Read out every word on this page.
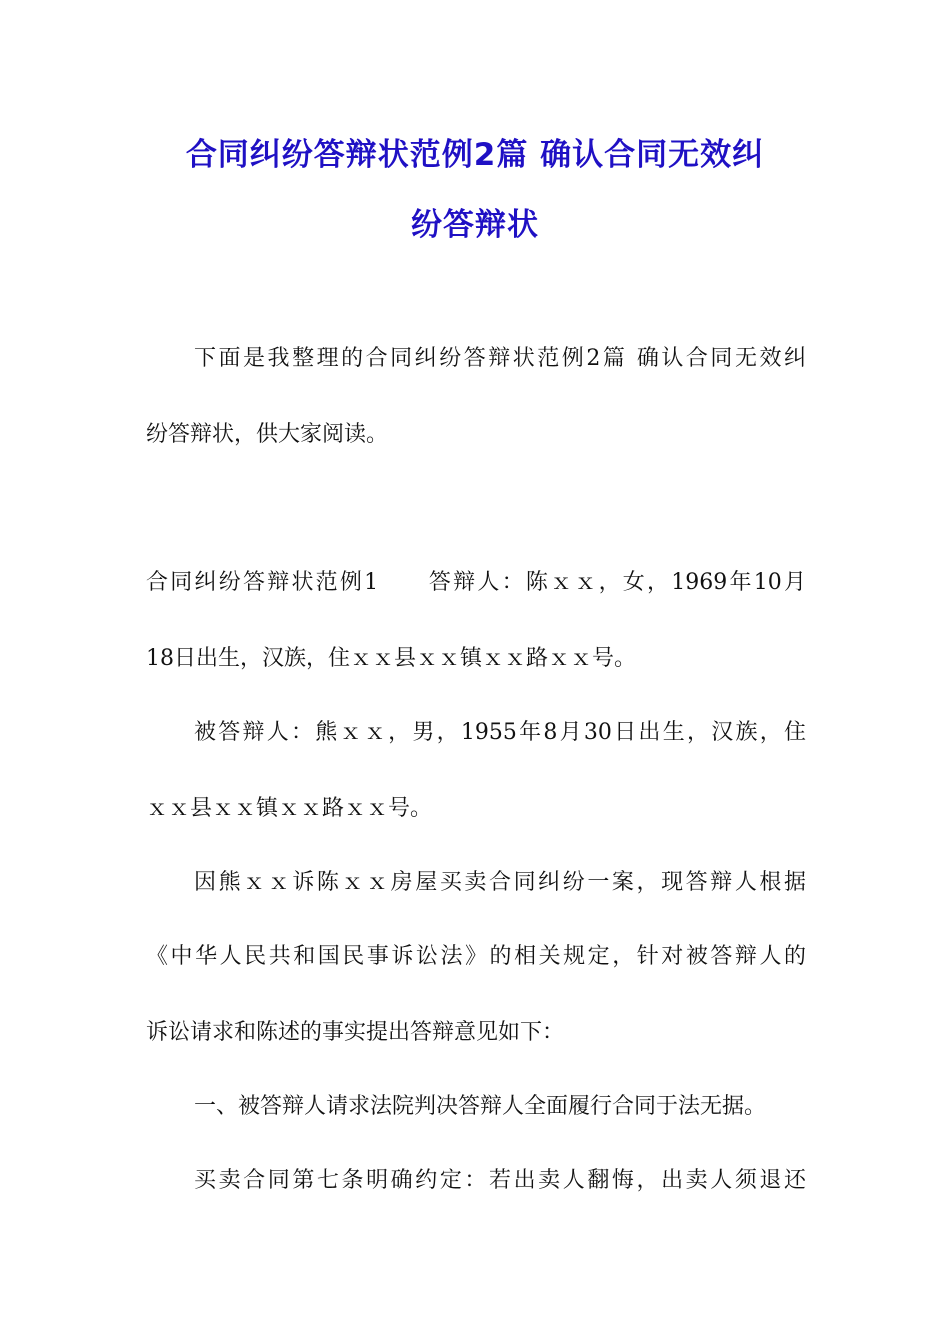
合同纠纷答辩状范例2篇 确认合同无效纠
纷答辩状
下面是我整理的合同纠纷答辩状范例2篇 确认合同无效纠
纷答辩状，供大家阅读。
合同纠纷答辩状范例1　　答辩人：陈ｘｘ，女，1969年10月
18日出生，汉族，住ｘｘ县ｘｘ镇ｘｘ路ｘｘ号。
被答辩人：熊ｘｘ，男，1955年8月30日出生，汉族，住
ｘｘ县ｘｘ镇ｘｘ路ｘｘ号。
因熊ｘｘ诉陈ｘｘ房屋买卖合同纠纷一案，现答辩人根据
《中华人民共和国民事诉讼法》的相关规定，针对被答辩人的
诉讼请求和陈述的事实提出答辩意见如下：
一、被答辩人请求法院判决答辩人全面履行合同于法无据。
买卖合同第七条明确约定：若出卖人翻悔，出卖人须退还
